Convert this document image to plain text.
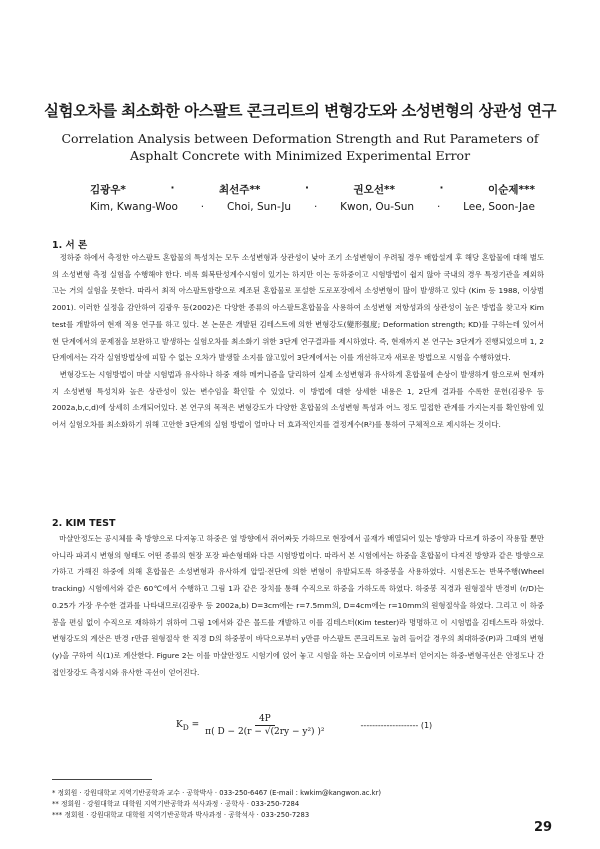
실험오차를 최소화한 아스팔트 콘크리트의 변형강도와 소성변형의 상관성 연구
Correlation Analysis between Deformation Strength and Rut Parameters of
Asphalt Concrete with Minimized Experimental Error
김광우*	·	최선주**	·	권오선**	·	이순제***
Kim, Kwang-Woo · Choi, Sun-Ju · Kwon, Ou-Sun · Lee, Soon-Jae
1. 서 론
정하중 하에서 측정한 아스팔트 혼합물의 특성치는 모두 소성변형과 상관성이 낮아 조기 소성변형이 우려될 경우 배합설계 후 해당 혼합물에 대해 별도의 소성변형 측정 실험을 수행해야 한다. 비록 회복탄성계수시험이 있기는 하지만 이는 동하중이고 시험방법이 쉽지 않아 국내의 경우 특정기관을 제외하고는 거의 실험을 못한다. 따라서 최적 아스팔트함량으로 제조된 혼합물로 포설한 도로포장에서 소성변형이 많이 발생하고 있다 (Kim 등 1988, 이상범 2001). 이러한 실정을 감안하여 김광우 등(2002)은 다양한 종류의 아스팔트혼합물을 사용하여 소성변형 저항성과의 상관성이 높은 방법을 찾고자 Kim test를 개발하여 현재 적용 연구를 하고 있다. 본 논문은 개발된 김테스트에 의한 변형강도(變形强度; Deformation strength; KD)를 구하는데 있어서 현 단계에서의 문제점을 보완하고 발생하는 실험오차를 최소화기 위한 3단계 연구결과를 제시하였다. 즉, 현재까지 본 연구는 3단계가 진행되었으며 1, 2 단계에서는 각각 실험방법상에 피할 수 없는 오차가 발생할 소지를 않고있어 3단계에서는 이를 개선하고자 새로운 방법으로 시험을 수행하였다.
변형강도는 시험방법이 마샬 시험법과 유사하나 하중 재하 메커니즘을 달리하여 실제 소성변형과 유사하게 혼합물에 손상이 발생하게 함으로써 현재까지 소성변형 특성치와 높은 상관성이 있는 변수임을 확인할 수 있었다. 이 방법에 대한 상세한 내용은 1, 2단계 결과를 수록한 문헌(김광우 등 2002a,b,c,d)에 상세히 소개되어있다. 본 연구의 목적은 변형강도가 다양한 혼합물의 소성변형 특성과 어느 정도 밀접한 관계를 가지는지를 확인함에 있어서 실험오차를 최소화하기 위해 고안한 3단계의 실험 방법이 얼마나 더 효과적인지를 결정계수(R²)를 통하여 구체적으로 제시하는 것이다.
2. KIM TEST
마샬안정도는 공시체를 축 방향으로 다져놓고 하중은 옆 방향에서 쥐어짜듯 가하므로 현장에서 골재가 배열되어 있는 방향과 다르게 하중이 작용할 뿐만 아니라 파괴시 변형의 형태도 어떤 종류의 현장 포장 파손형태와 다른 시험방법이다. 따라서 본 시험에서는 하중을 혼합물이 다져진 방향과 같은 방향으로 가하고 가해진 하중에 의해 혼합물은 소성변형과 유사하게 압밀·전단에 의한 변형이 유발되도록 하중봉을 사용하였다. 시험온도는 반복주행(Wheel tracking) 시험에서와 같은 60℃에서 수행하고 그림 1과 같은 장치를 통해 수직으로 하중을 가하도록 하였다. 하중봉 직경과 원형절삭 반경비 (r/D)는 0.25가 가장 우수한 결과를 나타내므로(김광우 등 2002a,b) D=3cm에는 r=7.5mm의, D=4cm에는 r=10mm의 원형절삭을 하였다. 그리고 이 하중봉을 편심 없이 수직으로 재하하기 위하여 그림 1에서와 같은 몰드를 개발하고 이를 김테스터(Kim tester)라 명명하고 이 시험법을 김테스트라 하였다. 변형강도의 계산은 반경 r만큼 원형절삭 한 직경 D의 하중봉이 바닥으로부터 y만큼 아스팔트 콘크리트로 눌려 들어갈 경우의 최대하중(P)과 그때의 변형(y)을 구하여 식(1)로 계산한다. Figure 2는 이를 마샬안정도 시험기에 얹어 놓고 시험을 하는 모습이며 이로부터 얻어지는 하중-변형곡선은 안정도나 간접인장강도 측정시와 유사한 곡선이 얻어진다.
$K_D = \frac{4P}{\text{π( D − 2(r − √(2ry − y²) )²}}$	-------------------- (1)
* 정회원 · 강원대학교 지역기반공학과 교수 · 공학박사 · 033-250-6467 (E-mail : kwkim@kangwon.ac.kr)
** 정회원 · 강원대학교 대학원 지역기반공학과 석사과정 · 공학사 · 033-250-7284
*** 정회원 · 강원대학교 대학원 지역기반공학과 박사과정 · 공학석사 · 033-250-7283
29
